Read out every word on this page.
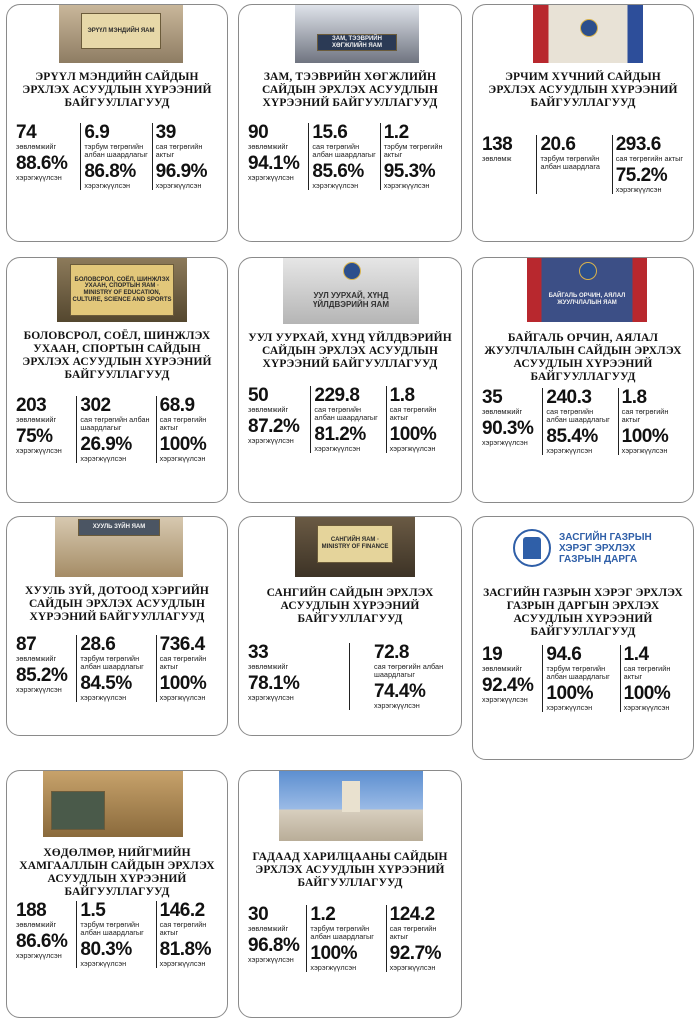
ЭРҮҮЛ МЭНДИЙН ЯАМ
ЭРҮҮЛ МЭНДИЙН САЙДЫН ЭРХЛЭХ АСУУДЛЫН ХҮРЭЭНИЙ БАЙГУУЛЛАГУУД
74
зөвлөмжийг
88.6%
хэрэгжүүлсэн
6.9
тэрбум төгрөгийн албан шаардлагыг
86.8%
хэрэгжүүлсэн
39
сая төгрөгийн актыг
96.9%
хэрэгжүүлсэн
ЗАМ, ТЭЭВРИЙН ХӨГЖЛИЙН ЯАМ
ЗАМ, ТЭЭВРИЙН ХӨГЖЛИЙН САЙДЫН ЭРХЛЭХ АСУУДЛЫН ХҮРЭЭНИЙ БАЙГУУЛЛАГУУД
90
зөвлөмжийг
94.1%
хэрэгжүүлсэн
15.6
сая төгрөгийн албан шаардлагыг
85.6%
хэрэгжүүлсэн
1.2
тэрбум төгрөгийн актыг
95.3%
хэрэгжүүлсэн
ЭРЧИМ ХҮЧНИЙ САЙДЫН ЭРХЛЭХ АСУУДЛЫН ХҮРЭЭНИЙ БАЙГУУЛЛАГУУД
138
зөвлөмж
20.6
тэрбум төгрөгийн албан шаардлага
293.6
сая төгрөгийн актыг
75.2%
хэрэгжүүлсэн
БОЛОВСРОЛ, СОЁЛ, ШИНЖЛЭХ УХААН, СПОРТЫН ЯАМ · MINISTRY OF EDUCATION, CULTURE, SCIENCE AND SPORTS
БОЛОВСРОЛ, СОЁЛ, ШИНЖЛЭХ УХААН, СПОРТЫН САЙДЫН ЭРХЛЭХ АСУУДЛЫН ХҮРЭЭНИЙ БАЙГУУЛЛАГУУД
203
зөвлөмжийг
75%
хэрэгжүүлсэн
302
сая төгрөгийн албан шаардлагыг
26.9%
хэрэгжүүлсэн
68.9
сая төгрөгийн актыг
100%
хэрэгжүүлсэн
УУЛ УУРХАЙ, ХҮНД ҮЙЛДВЭРИЙН ЯАМ
УУЛ УУРХАЙ, ХҮНД ҮЙЛДВЭРИЙН САЙДЫН ЭРХЛЭХ АСУУДЛЫН ХҮРЭЭНИЙ БАЙГУУЛЛАГУУД
50
зөвлөмжийг
87.2%
хэрэгжүүлсэн
229.8
сая төгрөгийн албан шаардлагыг
81.2%
хэрэгжүүлсэн
1.8
сая төгрөгийн актыг
100%
хэрэгжүүлсэн
БАЙГАЛЬ ОРЧИН, АЯЛАЛ ЖУУЛЧЛАЛЫН ЯАМ
БАЙГАЛЬ ОРЧИН, АЯЛАЛ ЖУУЛЧЛАЛЫН САЙДЫН ЭРХЛЭХ АСУУДЛЫН ХҮРЭЭНИЙ БАЙГУУЛЛАГУУД
35
зөвлөмжийг
90.3%
хэрэгжүүлсэн
240.3
сая төгрөгийн албан шаардлагыг
85.4%
хэрэгжүүлсэн
1.8
сая төгрөгийн актыг
100%
хэрэгжүүлсэн
ХУУЛЬ ЗҮЙН ЯАМ
ХУУЛЬ ЗҮЙ, ДОТООД ХЭРГИЙН САЙДЫН ЭРХЛЭХ АСУУДЛЫН ХҮРЭЭНИЙ БАЙГУУЛЛАГУУД
87
зөвлөмжийг
85.2%
хэрэгжүүлсэн
28.6
тэрбум төгрөгийн албан шаардлагыг
84.5%
хэрэгжүүлсэн
736.4
сая төгрөгийн актыг
100%
хэрэгжүүлсэн
САНГИЙН ЯАМ · MINISTRY OF FINANCE
САНГИЙН САЙДЫН ЭРХЛЭХ АСУУДЛЫН ХҮРЭЭНИЙ БАЙГУУЛЛАГУУД
33
зөвлөмжийг
78.1%
хэрэгжүүлсэн
72.8
сая төгрөгийн албан шаардлагыг
74.4%
хэрэгжүүлсэн
ЗАСГИЙН ГАЗРЫН ХЭРЭГ ЭРХЛЭХ ГАЗРЫН ДАРГА
ЗАСГИЙН ГАЗРЫН ХЭРЭГ ЭРХЛЭХ ГАЗРЫН ДАРГЫН ЭРХЛЭХ АСУУДЛЫН ХҮРЭЭНИЙ БАЙГУУЛЛАГУУД
19
зөвлөмжийг
92.4%
хэрэгжүүлсэн
94.6
тэрбум төгрөгийн албан шаардлагыг
100%
хэрэгжүүлсэн
1.4
сая төгрөгийн актыг
100%
хэрэгжүүлсэн
ХӨДӨЛМӨР, НИЙГМИЙН ХАМГААЛЛЫН САЙДЫН ЭРХЛЭХ АСУУДЛЫН ХҮРЭЭНИЙ БАЙГУУЛЛАГУУД
188
зөвлөмжийг
86.6%
хэрэгжүүлсэн
1.5
тэрбум төгрөгийн албан шаардлагыг
80.3%
хэрэгжүүлсэн
146.2
сая төгрөгийн актыг
81.8%
хэрэгжүүлсэн
ГАДААД ХАРИЛЦААНЫ САЙДЫН ЭРХЛЭХ АСУУДЛЫН ХҮРЭЭНИЙ БАЙГУУЛЛАГУУД
30
зөвлөмжийг
96.8%
хэрэгжүүлсэн
1.2
тэрбум төгрөгийн албан шаардлагыг
100%
хэрэгжүүлсэн
124.2
сая төгрөгийн актыг
92.7%
хэрэгжүүлсэн
